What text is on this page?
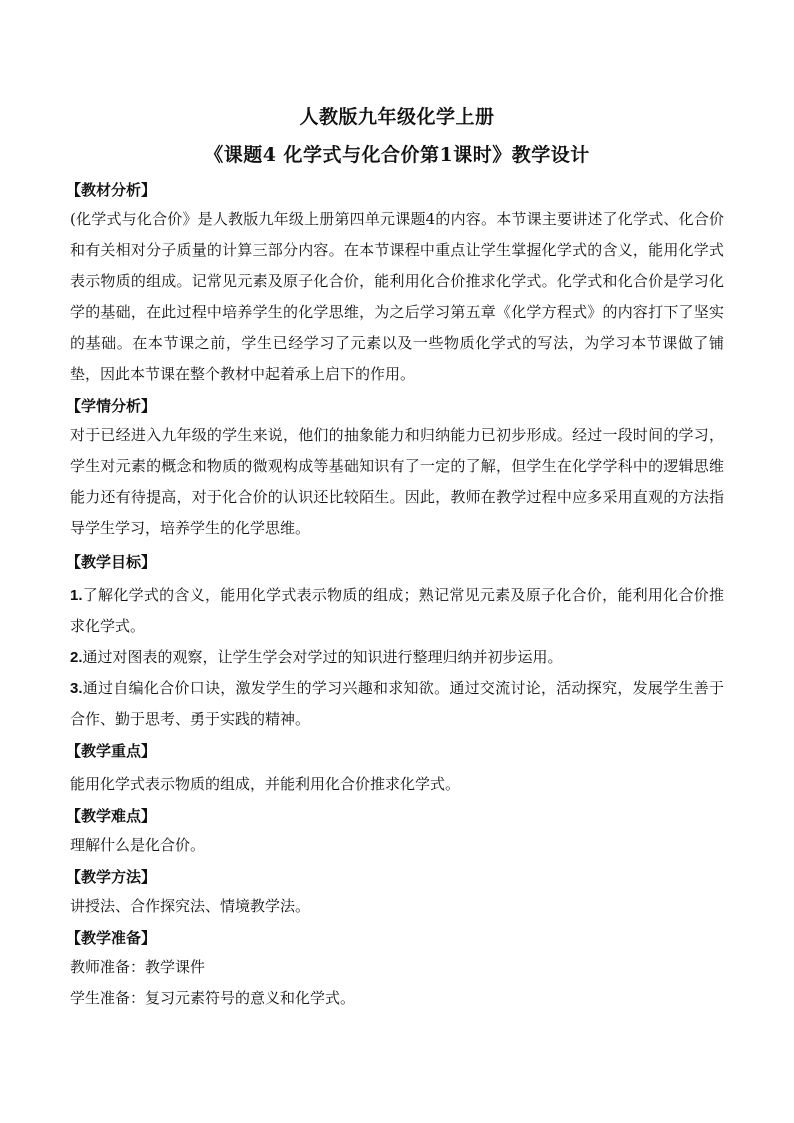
人教版九年级化学上册
《课题4 化学式与化合价第1课时》教学设计
【教材分析】

(化学式与化合价》是人教版九年级上册第四单元课题4的内容。本节课主要讲述了化学式、化合价和有关相对分子质量的计算三部分内容。在本节课程中重点让学生掌握化学式的含义，能用化学式表示物质的组成。记常见元素及原子化合价，能利用化合价推求化学式。化学式和化合价是学习化学的基础，在此过程中培养学生的化学思维，为之后学习第五章《化学方程式》的内容打下了坚实的基础。在本节课之前，学生已经学习了元素以及一些物质化学式的写法，为学习本节课做了铺垫，因此本节课在整个教材中起着承上启下的作用。

【学情分析】

对于已经进入九年级的学生来说，他们的抽象能力和归纳能力已初步形成。经过一段时间的学习，学生对元素的概念和物质的微观构成等基础知识有了一定的了解，但学生在化学学科中的逻辑思维能力还有待提高，对于化合价的认识还比较陌生。因此，教师在教学过程中应多采用直观的方法指导学生学习，培养学生的化学思维。

【教学目标】

1.了解化学式的含义，能用化学式表示物质的组成；熟记常见元素及原子化合价，能利用化合价推求化学式。

2.通过对图表的观察，让学生学会对学过的知识进行整理归纳并初步运用。

3.通过自编化合价口诀，激发学生的学习兴趣和求知欲。通过交流讨论，活动探究，发展学生善于合作、勤于思考、勇于实践的精神。

【教学重点】

能用化学式表示物质的组成，并能利用化合价推求化学式。

【教学难点】

理解什么是化合价。

【教学方法】

讲授法、合作探究法、情境教学法。

【教学准备】

教师准备：教学课件

学生准备：复习元素符号的意义和化学式。
